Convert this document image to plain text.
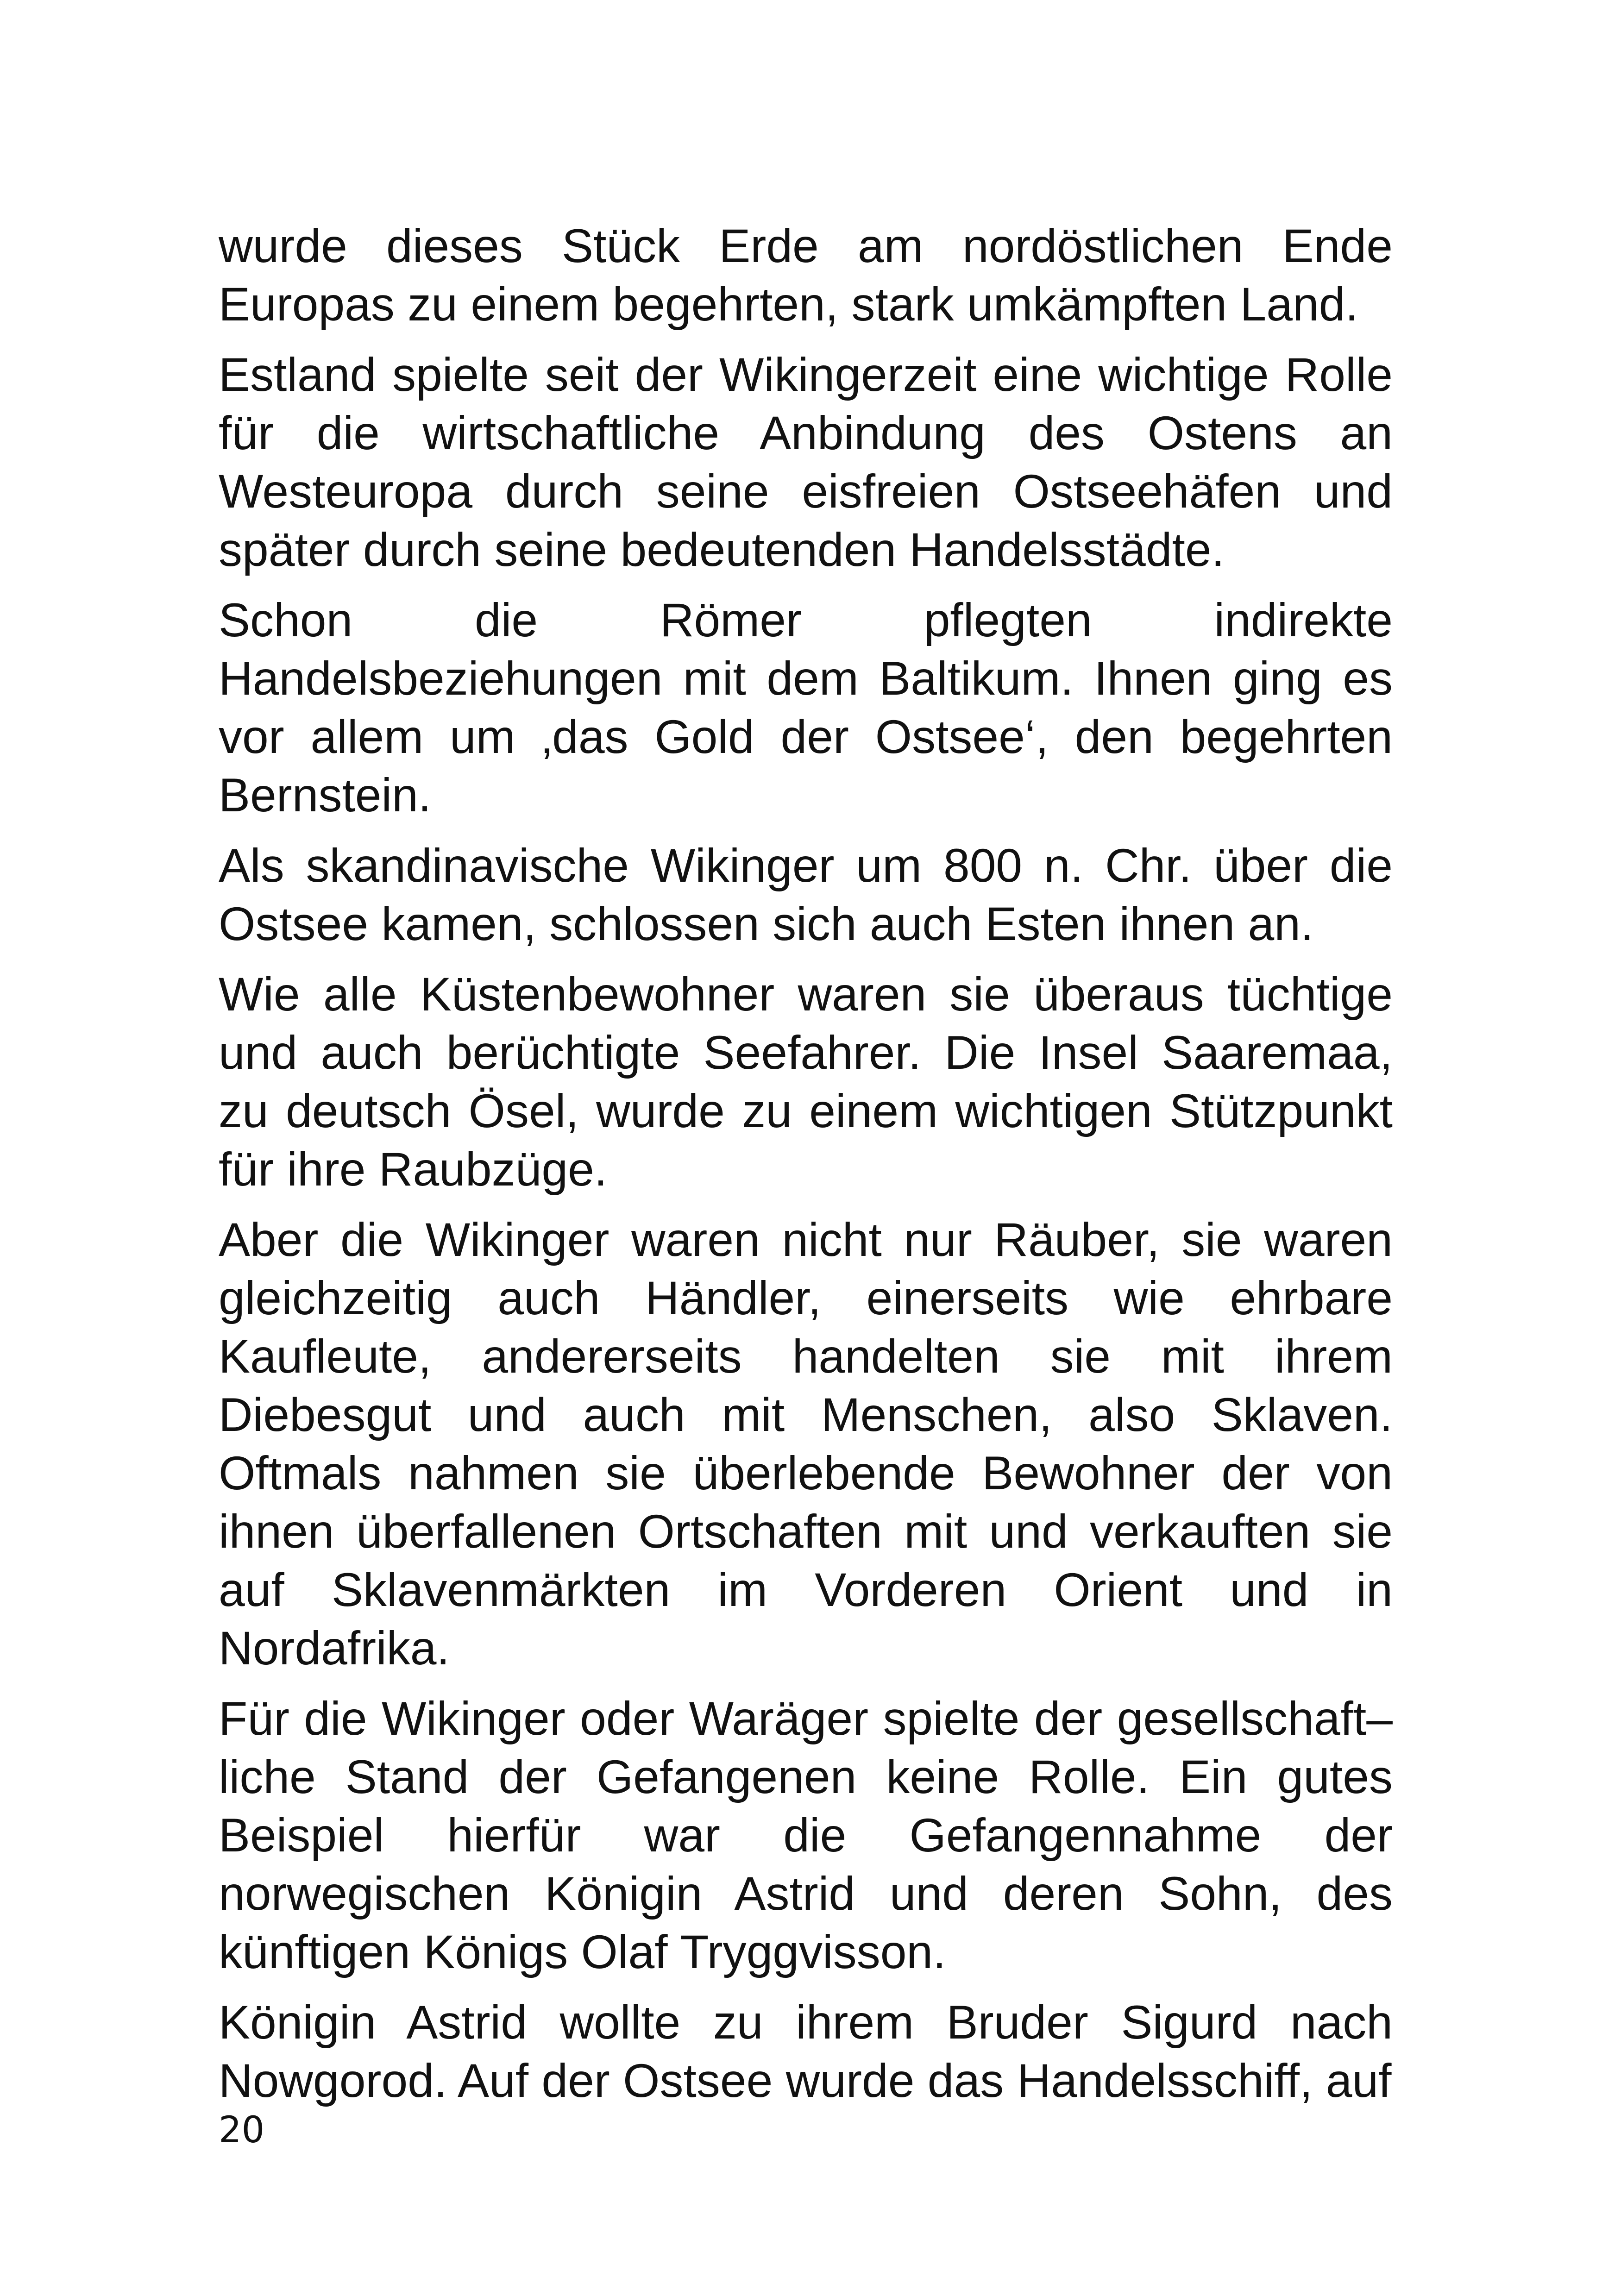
wurde dieses Stück Erde am nordöstlichen Ende Europas zu einem begehrten, stark umkämpften Land.

Estland spielte seit der Wikingerzeit eine wichtige Rolle für die wirtschaftliche Anbindung des Ostens an Westeuropa durch seine eisfreien Ostseehäfen und später durch seine bedeutenden Handelsstädte.

Schon die Römer pflegten indirekte Handelsbeziehungen mit dem Baltikum. Ihnen ging es vor allem um ‚das Gold der Ostsee‘, den begehrten Bernstein.

Als skandinavische Wikinger um 800 n. Chr. über die Ostsee kamen, schlossen sich auch Esten ihnen an.

Wie alle Küstenbewohner waren sie überaus tüchtige und auch berüchtigte Seefahrer. Die Insel Saaremaa, zu deutsch Ösel, wurde zu einem wichtigen Stützpunkt für ihre Raubzüge.

Aber die Wikinger waren nicht nur Räuber, sie waren gleichzeitig auch Händler, einerseits wie ehrbare Kaufleute, andererseits handelten sie mit ihrem Diebesgut und auch mit Menschen, also Sklaven. Oftmals nahmen sie überlebende Bewohner der von ihnen überfallenen Ortschaften mit und verkauften sie auf Sklavenmärkten im Vorderen Orient und in Nordafrika.

Für die Wikinger oder Waräger spielte der gesellschaft–liche Stand der Gefangenen keine Rolle. Ein gutes Beispiel hierfür war die Gefangennahme der norwegischen Königin Astrid und deren Sohn, des künftigen Königs Olaf Tryggvisson.

Königin Astrid wollte zu ihrem Bruder Sigurd nach Nowgorod. Auf der Ostsee wurde das Handelsschiff, auf

20
